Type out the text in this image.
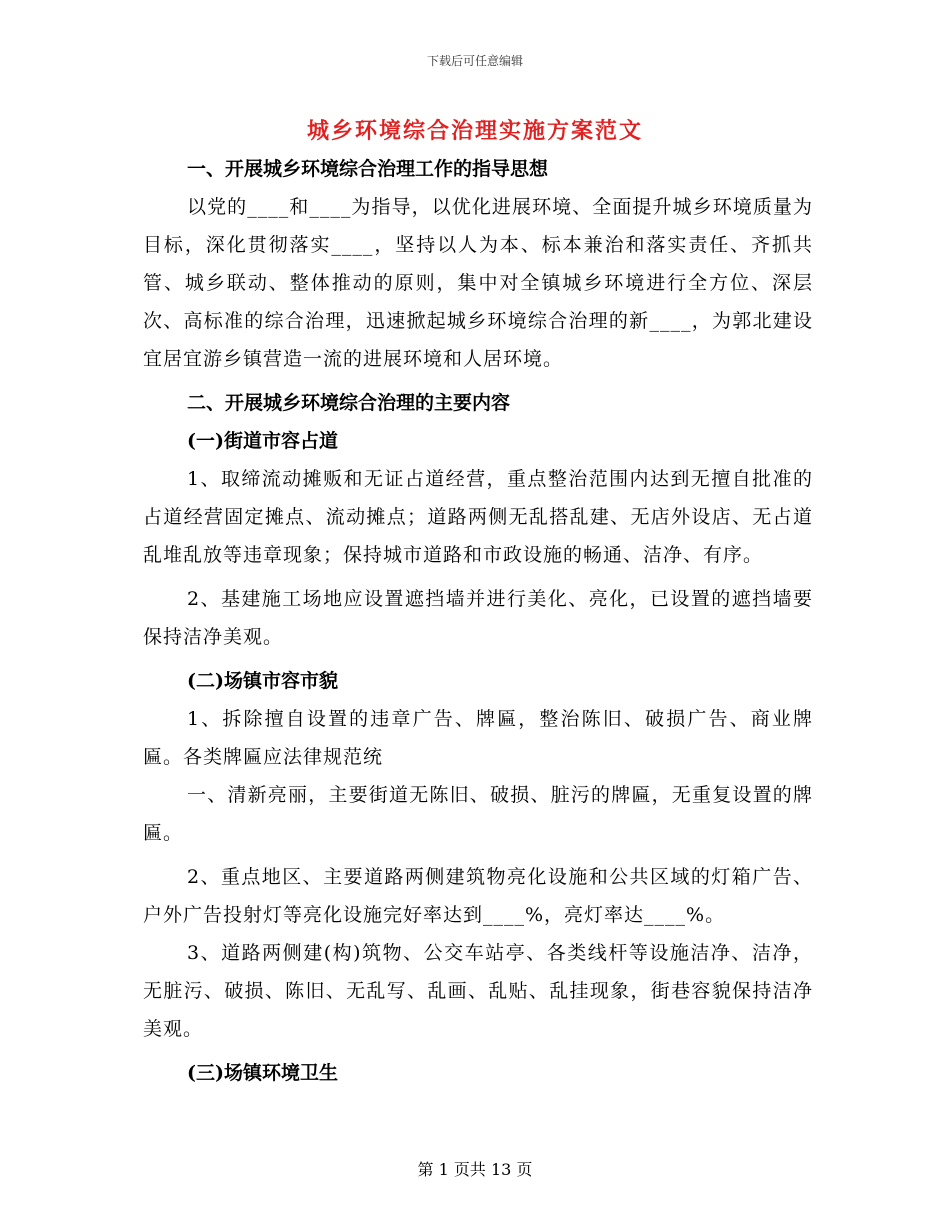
下载后可任意编辑
城乡环境综合治理实施方案范文

一、开展城乡环境综合治理工作的指导思想

以党的____和____为指导，以优化进展环境、全面提升城乡环境质量为目标，深化贯彻落实____，坚持以人为本、标本兼治和落实责任、齐抓共管、城乡联动、整体推动的原则，集中对全镇城乡环境进行全方位、深层次、高标准的综合治理，迅速掀起城乡环境综合治理的新____，为郭北建设宜居宜游乡镇营造一流的进展环境和人居环境。

二、开展城乡环境综合治理的主要内容

(一)街道市容占道

1、取缔流动摊贩和无证占道经营，重点整治范围内达到无擅自批准的占道经营固定摊点、流动摊点；道路两侧无乱搭乱建、无店外设店、无占道乱堆乱放等违章现象；保持城市道路和市政设施的畅通、洁净、有序。

2、基建施工场地应设置遮挡墙并进行美化、亮化，已设置的遮挡墙要保持洁净美观。

(二)场镇市容市貌

1、拆除擅自设置的违章广告、牌匾，整治陈旧、破损广告、商业牌匾。各类牌匾应法律规范统

一、清新亮丽，主要街道无陈旧、破损、脏污的牌匾，无重复设置的牌匾。

2、重点地区、主要道路两侧建筑物亮化设施和公共区域的灯箱广告、户外广告投射灯等亮化设施完好率达到____%，亮灯率达____%。

3、道路两侧建(构)筑物、公交车站亭、各类线杆等设施洁净、洁净，无脏污、破损、陈旧、无乱写、乱画、乱贴、乱挂现象，街巷容貌保持洁净美观。

(三)场镇环境卫生

第 1 页共 13 页
